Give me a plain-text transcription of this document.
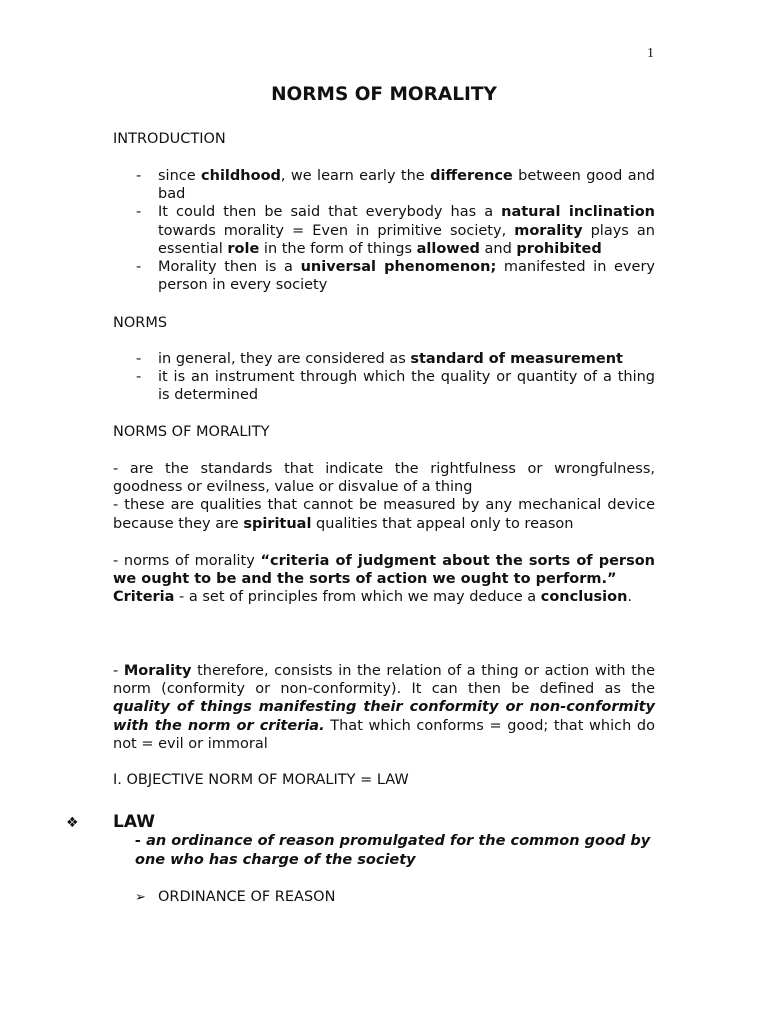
1
NORMS OF MORALITY
INTRODUCTION
- since childhood, we learn early the difference between good and bad
- It could then be said that everybody has a natural inclination towards morality = Even in primitive society, morality plays an essential role in the form of things allowed and prohibited
- Morality then is a universal phenomenon; manifested in every person in every society
NORMS
- in general, they are considered as standard of measurement
- it is an instrument through which the quality or quantity of a thing is determined
NORMS OF MORALITY
- are the standards that indicate the rightfulness or wrongfulness, goodness or evilness, value or disvalue of a thing
- these are qualities that cannot be measured by any mechanical device because they are spiritual qualities that appeal only to reason
- norms of morality “criteria of judgment about the sorts of person we ought to be and the sorts of action we ought to perform.”
Criteria - a set of principles from which we may deduce a conclusion.
- Morality therefore, consists in the relation of a thing or action with the norm (conformity or non-conformity). It can then be defined as the quality of things manifesting their conformity or non-conformity with the norm or criteria. That which conforms = good; that which do not = evil or immoral
I. OBJECTIVE NORM OF MORALITY = LAW
❖ LAW
- an ordinance of reason promulgated for the common good by one who has charge of the society
➢ ORDINANCE OF REASON
